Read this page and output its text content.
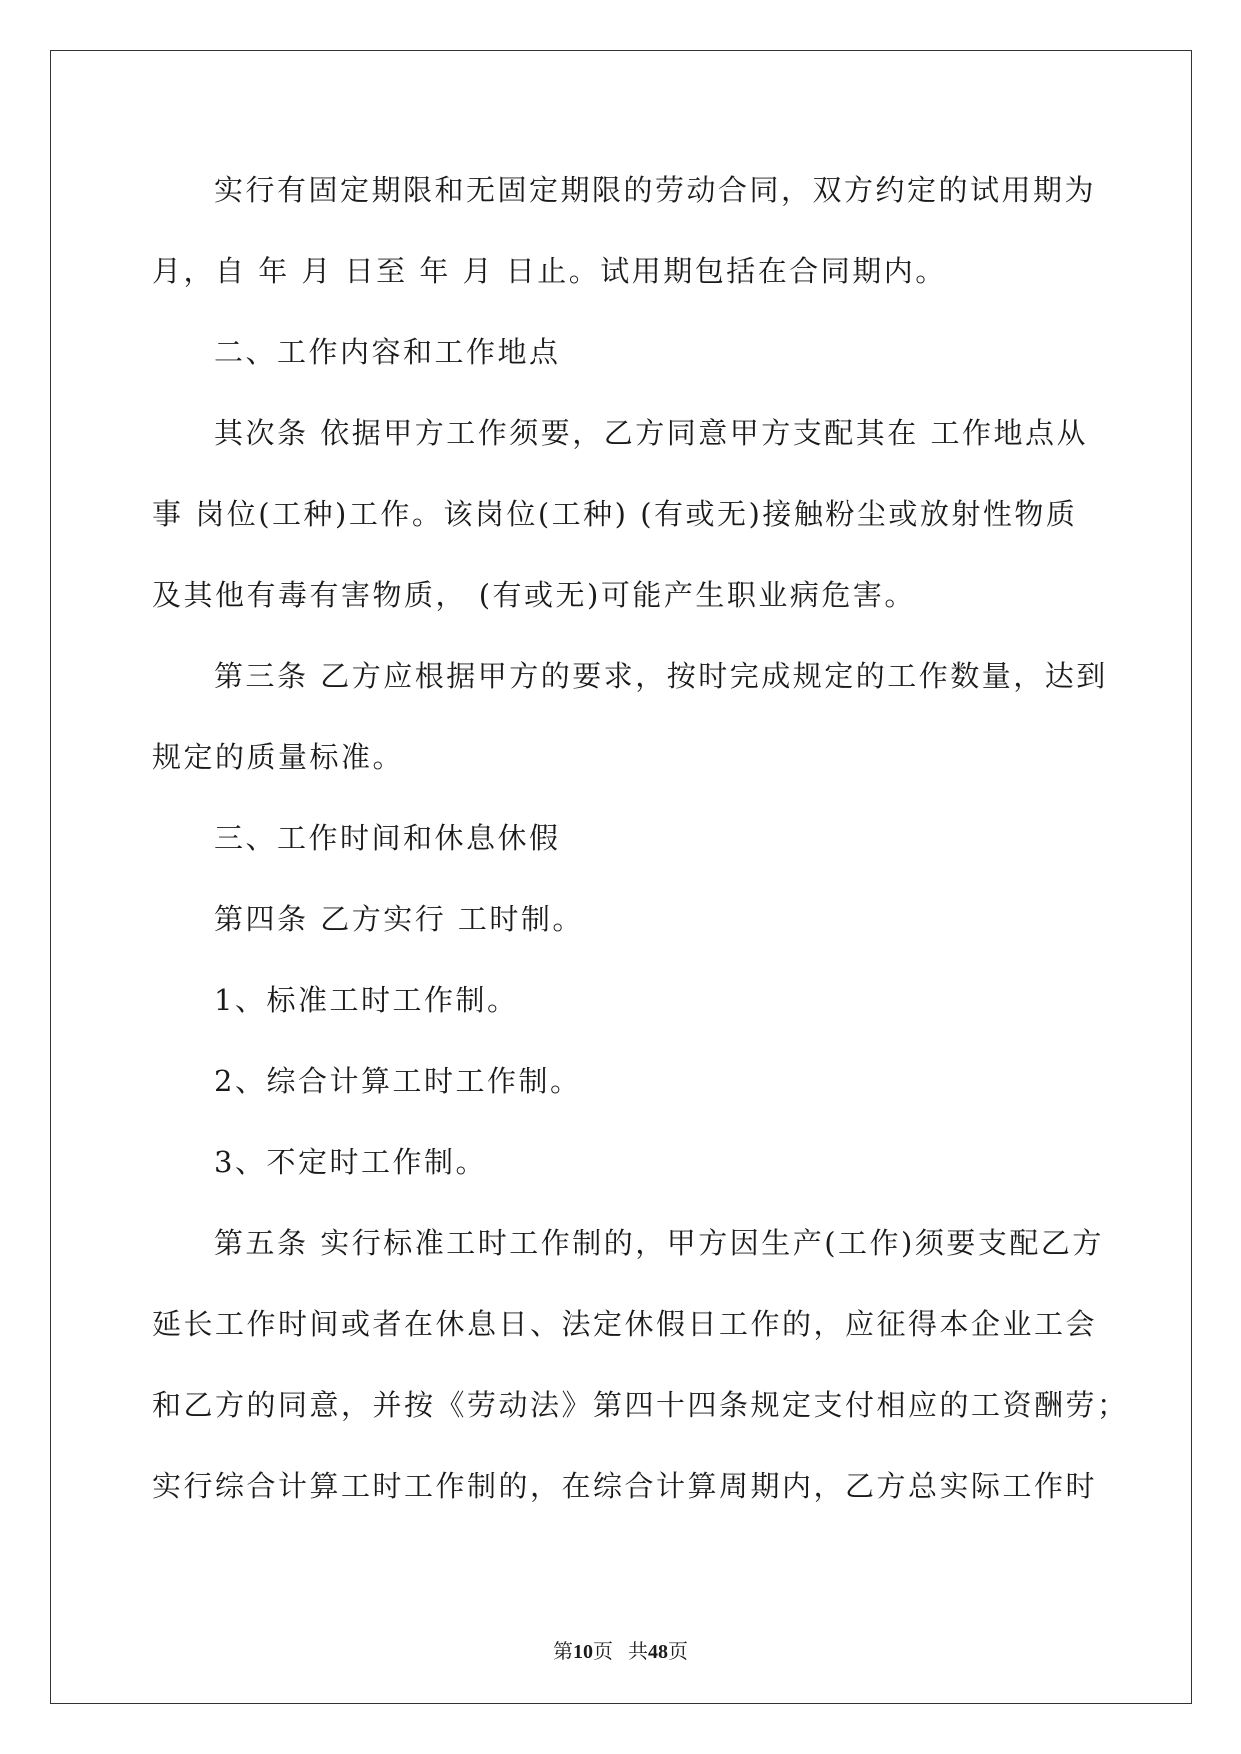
实行有固定期限和无固定期限的劳动合同，双方约定的试用期为
月，自 年 月 日至 年 月 日止。试用期包括在合同期内。
二、工作内容和工作地点
其次条 依据甲方工作须要，乙方同意甲方支配其在 工作地点从
事 岗位(工种)工作。该岗位(工种) (有或无)接触粉尘或放射性物质
及其他有毒有害物质， (有或无)可能产生职业病危害。
第三条 乙方应根据甲方的要求，按时完成规定的工作数量，达到
规定的质量标准。
三、工作时间和休息休假
第四条 乙方实行 工时制。
1、标准工时工作制。
2、综合计算工时工作制。
3、不定时工作制。
第五条 实行标准工时工作制的，甲方因生产(工作)须要支配乙方
延长工作时间或者在休息日、法定休假日工作的，应征得本企业工会
和乙方的同意，并按《劳动法》第四十四条规定支付相应的工资酬劳；
实行综合计算工时工作制的，在综合计算周期内，乙方总实际工作时
第10页 共48页
